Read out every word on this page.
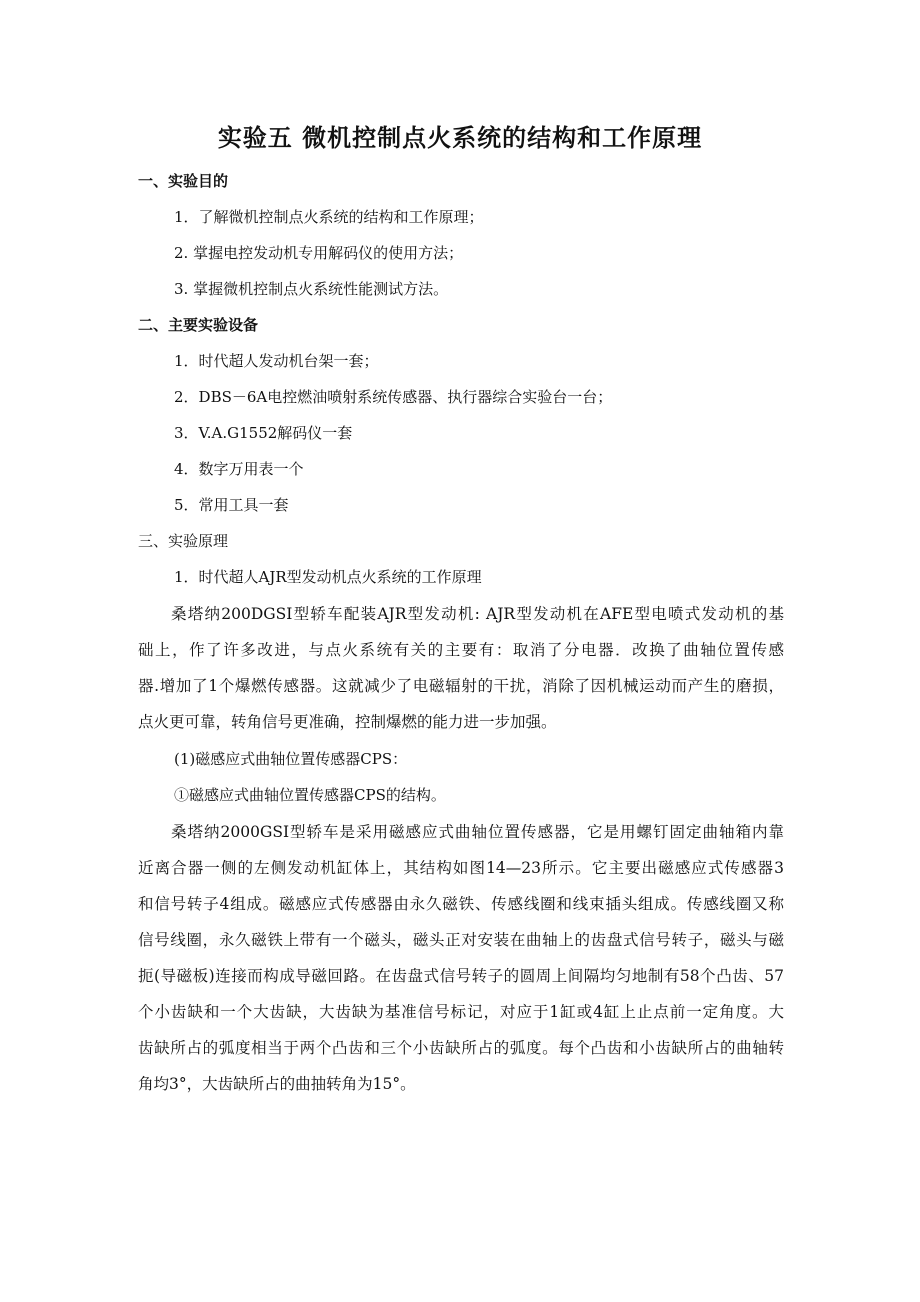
实验五 微机控制点火系统的结构和工作原理
一、实验目的
1．了解微机控制点火系统的结构和工作原理；
2. 掌握电控发动机专用解码仪的使用方法；
3. 掌握微机控制点火系统性能测试方法。
二、主要实验设备
1．时代超人发动机台架一套；
2．DBS－6A电控燃油喷射系统传感器、执行器综合实验台一台；
3．V.A.G1552解码仪一套
4．数字万用表一个
5．常用工具一套
三、实验原理
1．时代超人AJR型发动机点火系统的工作原理
桑塔纳200DGSI型轿车配装AJR型发动机: AJR型发动机在AFE型电喷式发动机的基
础上，作了许多改进，与点火系统有关的主要有：取消了分电器．改换了曲轴位置传感
器.增加了1个爆燃传感器。这就减少了电磁辐射的干扰，消除了因机械运动而产生的磨损，
点火更可靠，转角信号更准确，控制爆燃的能力进一步加强。
(1)磁感应式曲轴位置传感器CPS：
①磁感应式曲轴位置传感器CPS的结构。
桑塔纳2000GSI型轿车是采用磁感应式曲轴位置传感器，它是用螺钉固定曲轴箱内靠
近离合器一侧的左侧发动机缸体上，其结构如图14—23所示。它主要出磁感应式传感器3
和信号转子4组成。磁感应式传感器由永久磁铁、传感线圈和线束插头组成。传感线圈又称
信号线圈，永久磁铁上带有一个磁头，磁头正对安装在曲轴上的齿盘式信号转子，磁头与磁
扼(导磁板)连接而构成导磁回路。在齿盘式信号转子的圆周上间隔均匀地制有58个凸齿、57
个小齿缺和一个大齿缺，大齿缺为基准信号标记，对应于1缸或4缸上止点前一定角度。大
齿缺所占的弧度相当于两个凸齿和三个小齿缺所占的弧度。每个凸齿和小齿缺所占的曲轴转
角均3°，大齿缺所占的曲抽转角为15°。
